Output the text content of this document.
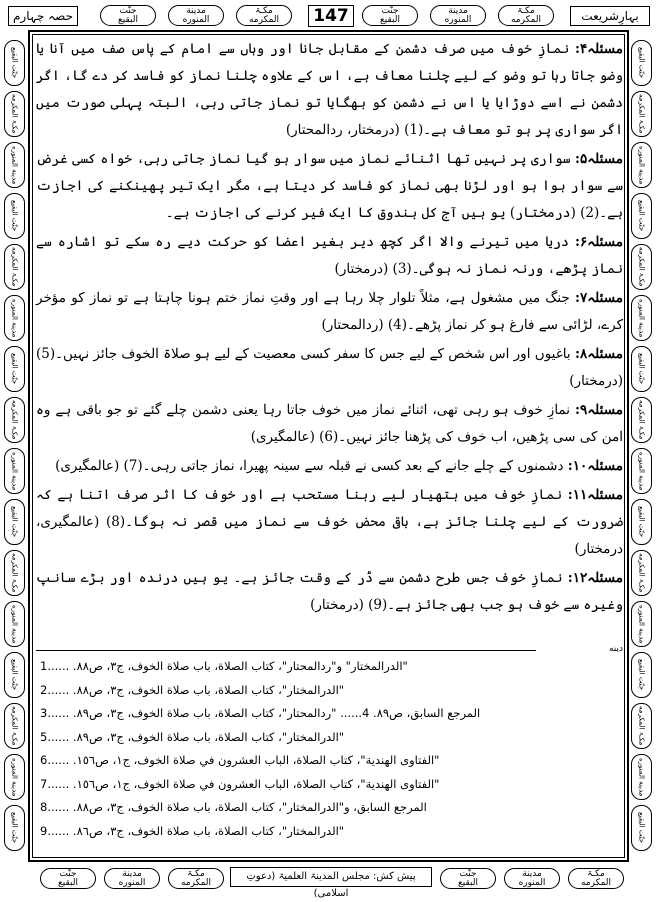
حصہ چہارم	جنّت
البقيع
مدينة
المنوره
مکـۃ
المكرمه	147	جنّت
البقيع
مدينة
المنوره
مکـۃ
المكرمه	بہارِشریعت
جنّت البقيع
مکـۃ المكرمه
مدينة المنوره
جنّت البقيع
مکـۃ المكرمه
مدينة المنوره
جنّت البقيع
مکـۃ المكرمه
مدينة المنوره
جنّت البقيع
مکـۃ المكرمه
مدينة المنوره
جنّت البقيع
مکـۃ المكرمه
مدينة المنوره
جنّت البقيع
جنّت البقيع
مکـۃ المكرمه
مدينة المنوره
جنّت البقيع
مکـۃ المكرمه
مدينة المنوره
جنّت البقيع
مکـۃ المكرمه
مدينة المنوره
جنّت البقيع
مکـۃ المكرمه
مدينة المنوره
جنّت البقيع
مکـۃ المكرمه
مدينة المنوره
جنّت البقيع

مسئلہ۴: نمازِ خوف میں صرف دشمن کے مقابل جانا اور وہاں سے امام کے پاس صف میں آنا یا وضو جاتا رہا تو وضو کے لیے چلنا معاف ہے، اس کے علاوہ چلنا نماز کو فاسد کر دے گا، اگر دشمن نے اسے دوڑایا یا اس نے دشمن کو بھگایا تو نماز جاتی رہی، البتہ پہلی صورت میں اگر سواری پر ہو تو معاف ہے۔(1) (درمختار، ردالمحتار)

مسئلہ۵: سواری پر نہیں تھا اثنائے نماز میں سوار ہو گیا نماز جاتی رہی، خواہ کسی غرض سے سوار ہوا ہو اور لڑنا بھی نماز کو فاسد کر دیتا ہے، مگر ایک تیر پھینکنے کی اجازت ہے۔(2) (درمختار) یو ہیں آج کل بندوق کا ایک فیر کرنے کی اجازت ہے۔

مسئلہ۶: دریا میں تیرنے والا اگر کچھ دیر بغیر اعضا کو حرکت دیے رہ سکے تو اشارہ سے نماز پڑھے، ورنہ نماز نہ ہوگی۔(3) (درمختار)

مسئلہ۷: جنگ میں مشغول ہے، مثلاً تلوار چلا رہا ہے اور وقتِ نماز ختم ہونا چاہتا ہے تو نماز کو مؤخر کرے، لڑائی سے فارغ ہو کر نماز پڑھے۔(4) (ردالمحتار)

مسئلہ۸: باغیوں اور اس شخص کے لیے جس کا سفر کسی معصیت کے لیے ہو صلاۃ الخوف جائز نہیں۔(5) (درمختار)

مسئلہ۹: نمازِ خوف ہو رہی تھی، اثنائے نماز میں خوف جاتا رہا یعنی دشمن چلے گئے تو جو باقی ہے وہ امن کی سی پڑھیں، اب خوف کی پڑھنا جائز نہیں۔(6) (عالمگیری)

مسئلہ۱۰: دشمنوں کے چلے جانے کے بعد کسی نے قبلہ سے سینہ پھیرا، نماز جاتی رہی۔(7) (عالمگیری)

مسئلہ۱۱: نمازِ خوف میں ہتھیار لیے رہنا مستحب ہے اور خوف کا اثر صرف اتنا ہے کہ ضرورت کے لیے چلنا جائز ہے، باقی محض خوف سے نماز میں قصر نہ ہوگا۔(8) (عالمگیری، درمختار)

مسئلہ۱۲: نمازِ خوف جس طرح دشمن سے ڈر کے وقت جائز ہے۔ یو ہیں درندہ اور بڑے سانپ وغیرہ سے خوف ہو جب بھی جائز ہے۔(9) (درمختار)

دينه
1...... "الدرالمختار" و"ردالمحتار"، كتاب الصلاة، باب صلاة الخوف، ج٣، ص٨٨.
2...... "الدرالمختار"، كتاب الصلاة، باب صلاة الخوف، ج٣، ص٨٨.
3...... المرجع السابق، ص٨٩. 4...... "ردالمحتار"، كتاب الصلاة، باب صلاة الخوف، ج٣، ص٨٩.
5...... "الدرالمختار"، كتاب الصلاة، باب صلاة الخوف، ج٣، ص٨٩.
6...... "الفتاوى الهندية"، كتاب الصلاة، الباب العشرون في صلاة الخوف، ج١، ص١٥٦.
7...... "الفتاوى الهندية"، كتاب الصلاة، الباب العشرون في صلاة الخوف، ج١، ص١٥٦.
8...... المرجع السابق، و"الدرالمختار"، كتاب الصلاة، باب صلاة الخوف، ج٣، ص٨٨.
9...... "الدرالمختار"، كتاب الصلاة، باب صلاة الخوف، ج٣، ص٨٦.
جنّت
البقيع
مدينة
المنوره
مکـۃ
المكرمه
پیش کش: مجلس المدینۃ العلمیۃ (دعوتِ اسلامی)
جنّت
البقيع
مدينة
المنوره
مکـۃ
المكرمه
